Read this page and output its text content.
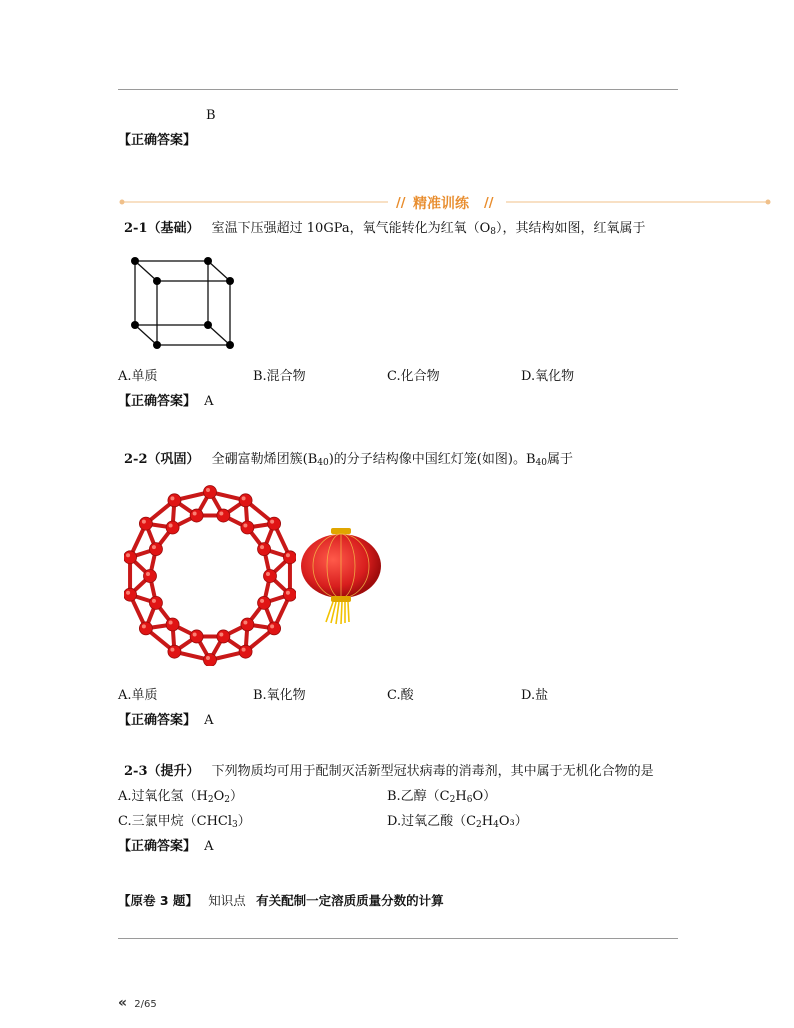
B
【正确答案】
//	//
精准训练
2-1（基础） 室温下压强超过 10GPa，氧气能转化为红氧$(O_8)$，其结构如图，红氧属于
A.单质	B.混合物	C.化合物	D.氧化物
【正确答案】 A
2-2（巩固） 全硼富勒烯团簇$(B_{40})$的分子结构像中国红灯笼(如图)。$B_{40}$属于
A.单质	B.氧化物	C.酸	D.盐
【正确答案】 A
2-3（提升） 下列物质均可用于配制灭活新型冠状病毒的消毒剂，其中属于无机化合物的是
A.过氧化氢$(H_2O_2)$	B.乙醇$(C_2H_6O)$
C.三氯甲烷（CHCl$_3$）	D.过氧乙酸$(C_2H_4O_3)$
【正确答案】 A
【原卷 3 题】 知识点 有关配制一定溶质质量分数的计算
« 2/65
